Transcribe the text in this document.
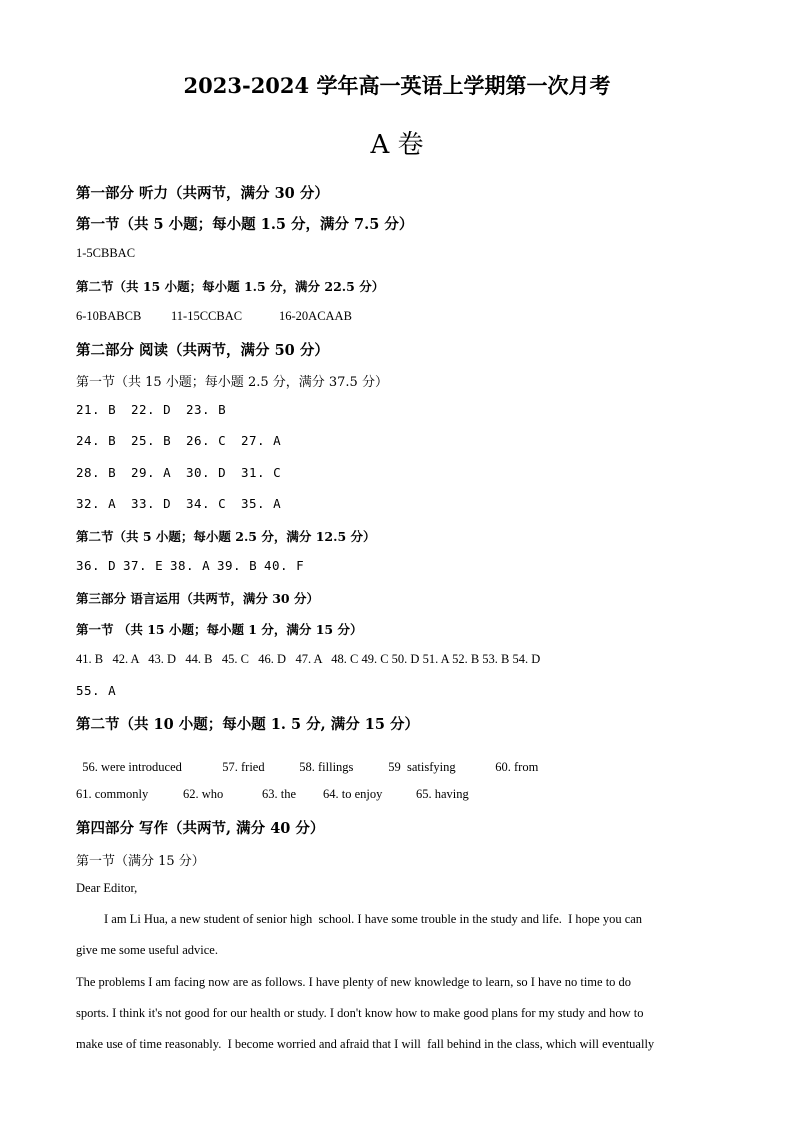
2023-2024 学年高一英语上学期第一次月考
A 卷
第一部分 听力（共两节，满分 30 分）
第一节（共 5 小题；每小题 1.5 分，满分 7.5 分）
1-5CBBAC
第二节（共 15 小题；每小题 1.5 分，满分 22.5 分）
6-10BABCB 11-15CCBAC	16-20ACAAB
第二部分 阅读（共两节，满分 50 分）
第一节（共 15 小题；每小题 2.5 分，满分 37.5 分）
21. B 22. D 23. B
24. B 25. B 26. C 27. A
28. B 29. A 30. D 31. C
32. A 33. D 34. C 35. A
第二节（共 5 小题；每小题 2.5 分，满分 12.5 分）
36. D 37. E 38. A 39. B 40. F
第三部分 语言运用（共两节，满分 30 分）
第一节 （共 15 小题；每小题 1 分，满分 15 分）
41. B   42. A   43. D   44. B   45. C   46. D   47. A   48. C 49. C 50. D 51. A 52. B 53. B 54. D
55. A
第二节（共 10 小题；每小题 1. 5 分, 满分 15 分）

56. were introduced	57. fried	58. fillings	59  satisfying	60. from

61. commonly	62. who	63. the 64. to enjoy	65. having
第四部分 写作（共两节, 满分 40 分）
第一节（满分 15 分）
Dear Editor,
I am Li Hua, a new student of senior high  school. I have some trouble in the study and life.  I hope you can
give me some useful advice.
The problems I am facing now are as follows. I have plenty of new knowledge to learn, so I have no time to do
sports. I think it's not good for our health or study. I don't know how to make good plans for my study and how to
make use of time reasonably.  I become worried and afraid that I will  fall behind in the class, which will eventually
